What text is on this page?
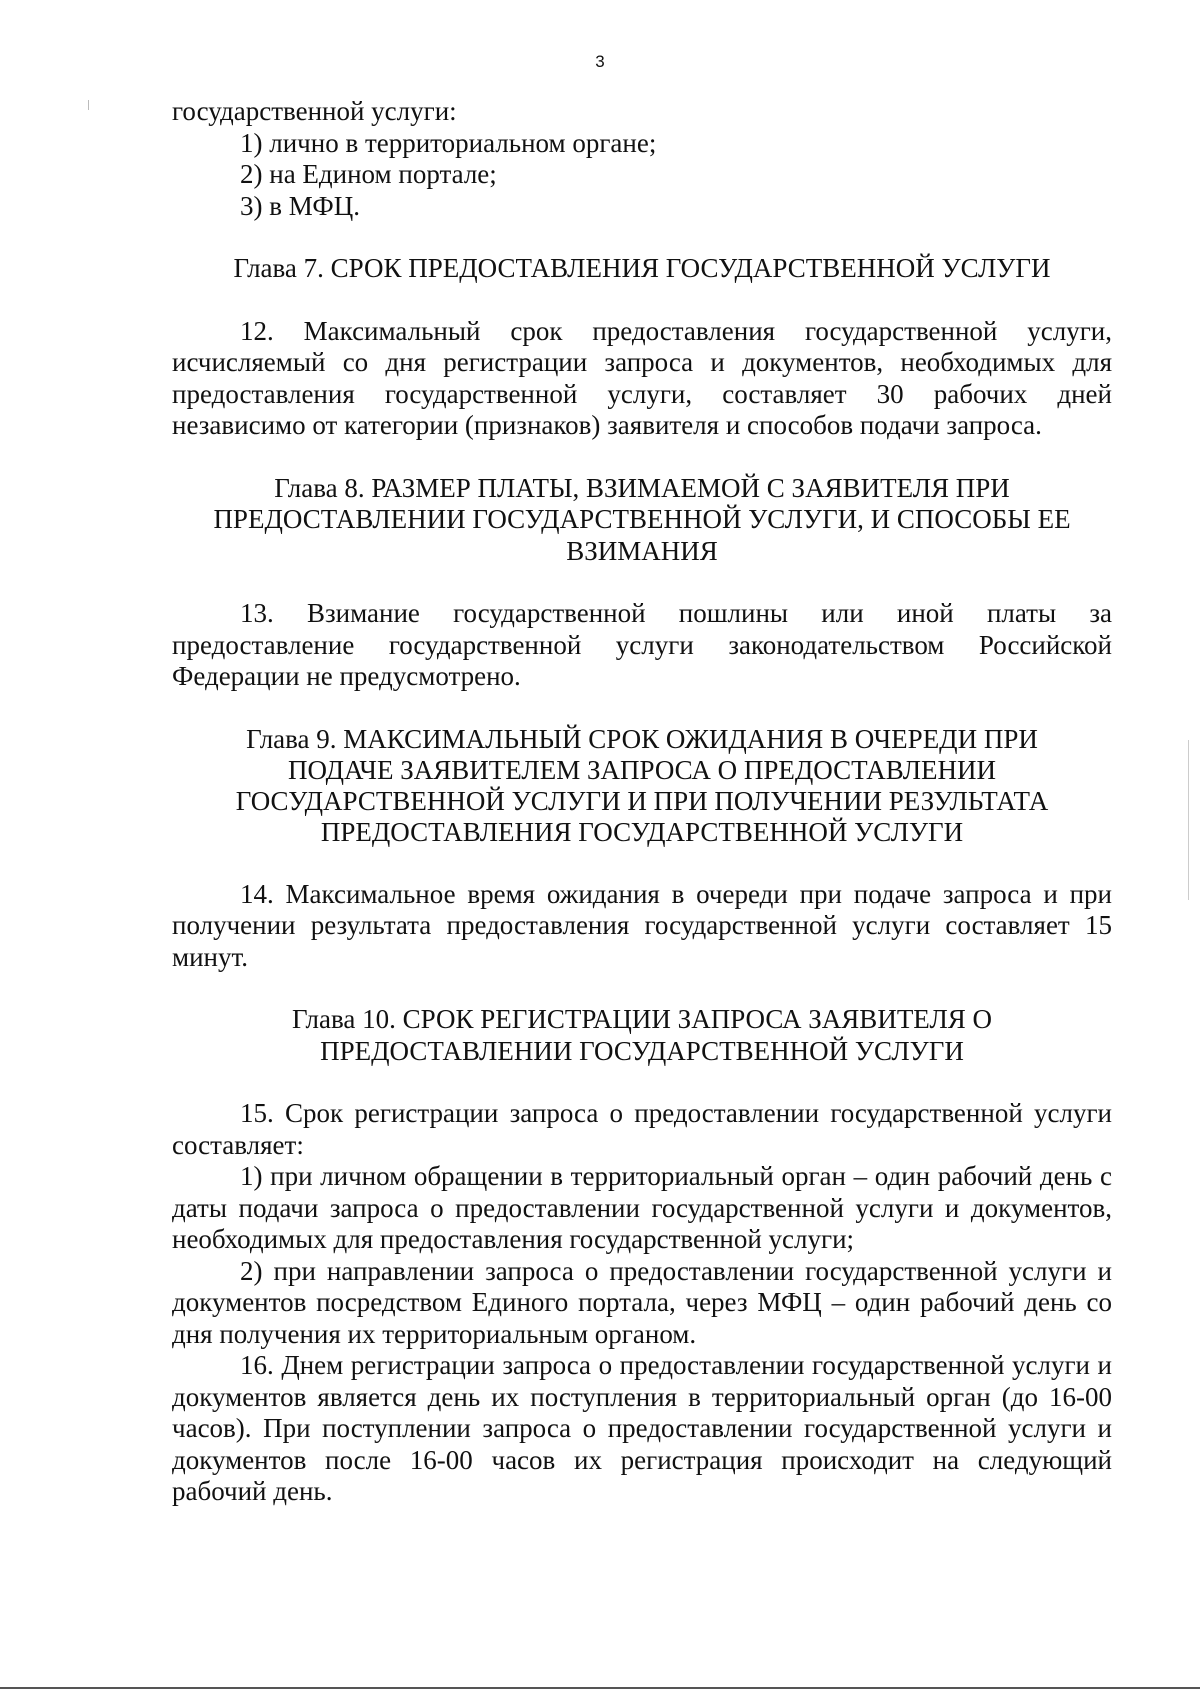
3

государственной услуги:

1) лично в территориальном органе;

2) на Едином портале;

3) в МФЦ.

Глава 7. СРОК ПРЕДОСТАВЛЕНИЯ ГОСУДАРСТВЕННОЙ УСЛУГИ

12. Максимальный срок предоставления государственной услуги, исчисляемый со дня регистрации запроса и документов, необходимых для предоставления государственной услуги, составляет 30 рабочих дней независимо от категории (признаков) заявителя и способов подачи запроса.

Глава 8. РАЗМЕР ПЛАТЫ, ВЗИМАЕМОЙ С ЗАЯВИТЕЛЯ ПРИ ПРЕДОСТАВЛЕНИИ ГОСУДАРСТВЕННОЙ УСЛУГИ, И СПОСОБЫ ЕЕ ВЗИМАНИЯ

13. Взимание государственной пошлины или иной платы за предоставление государственной услуги законодательством Российской Федерации не предусмотрено.

Глава 9. МАКСИМАЛЬНЫЙ СРОК ОЖИДАНИЯ В ОЧЕРЕДИ ПРИ ПОДАЧЕ ЗАЯВИТЕЛЕМ ЗАПРОСА О ПРЕДОСТАВЛЕНИИ ГОСУДАРСТВЕННОЙ УСЛУГИ И ПРИ ПОЛУЧЕНИИ РЕЗУЛЬТАТА ПРЕДОСТАВЛЕНИЯ ГОСУДАРСТВЕННОЙ УСЛУГИ

14. Максимальное время ожидания в очереди при подаче запроса и при получении результата предоставления государственной услуги составляет 15 минут.

Глава 10. СРОК РЕГИСТРАЦИИ ЗАПРОСА ЗАЯВИТЕЛЯ О ПРЕДОСТАВЛЕНИИ ГОСУДАРСТВЕННОЙ УСЛУГИ

15. Срок регистрации запроса о предоставлении государственной услуги составляет:

1) при личном обращении в территориальный орган – один рабочий день с даты подачи запроса о предоставлении государственной услуги и документов, необходимых для предоставления государственной услуги;

2) при направлении запроса о предоставлении государственной услуги и документов посредством Единого портала, через МФЦ – один рабочий день со дня получения их территориальным органом.

16. Днем регистрации запроса о предоставлении государственной услуги и документов является день их поступления в территориальный орган (до 16-00 часов). При поступлении запроса о предоставлении государственной услуги и документов после 16-00 часов их регистрация происходит на следующий рабочий день.
